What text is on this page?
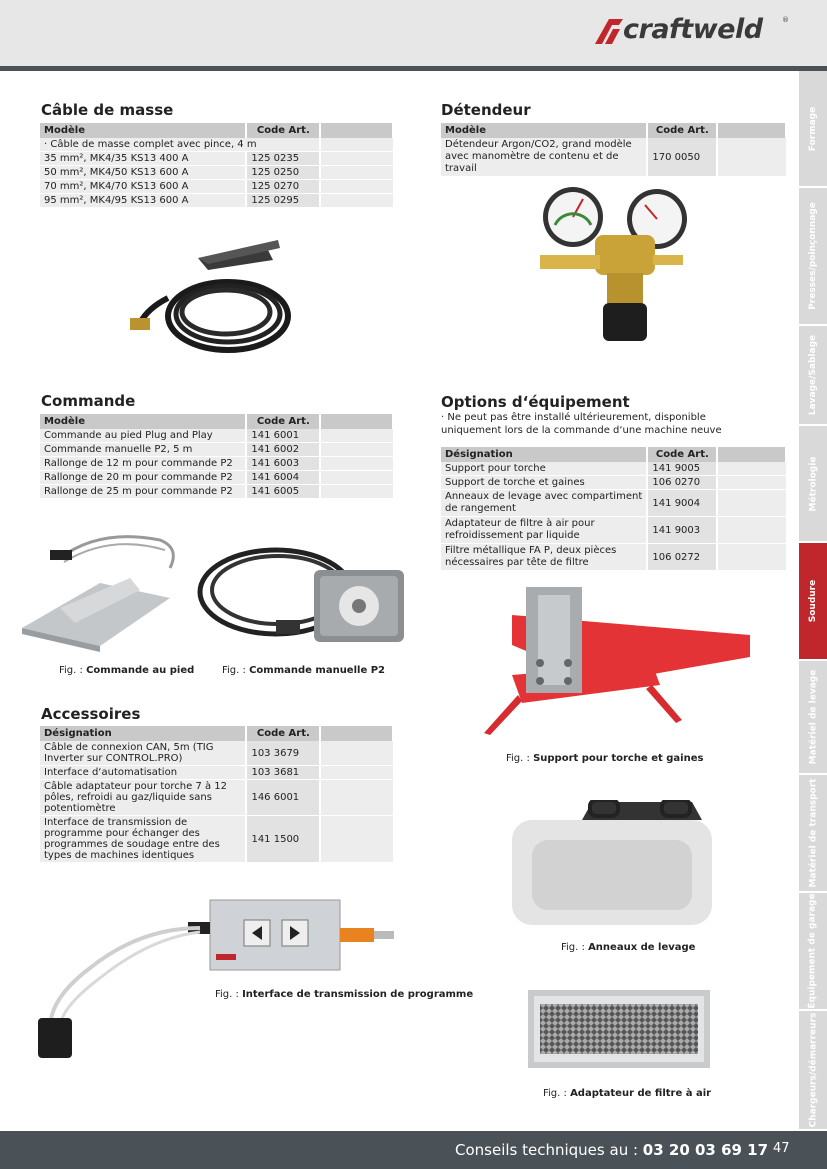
craftweld	®
Câble de masse
Modèle	Code Art.	
· Câble de masse complet avec pince, 4 m		
35 mm², MK4/35 KS13 400 A	125 0235	
50 mm², MK4/50 KS13 600 A	125 0250	
70 mm², MK4/70 KS13 600 A	125 0270	
95 mm², MK4/95 KS13 600 A	125 0295	
Détendeur
Modèle	Code Art.	
Détendeur Argon/CO2, grand modèle avec manomètre de contenu et de travail	170 0050	
Commande
Modèle	Code Art.	
Commande au pied Plug and Play	141 6001	
Commande manuelle P2, 5 m	141 6002	
Rallonge de 12 m pour commande P2	141 6003	
Rallonge de 20 m pour commande P2	141 6004	
Rallonge de 25 m pour commande P2	141 6005	
Fig. : Commande au pied	Fig. : Commande manuelle P2
Accessoires
Désignation	Code Art.	
Câble de connexion CAN, 5m (TIG Inverter sur CONTROL.PRO)	103 3679	
Interface d‘automatisation	103 3681	
Câble adaptateur pour torche 7 à 12 pôles, refroidi au gaz/liquide sans potentiomètre	146 6001	
Interface de transmission de programme pour échanger des programmes de soudage entre des types de machines identiques	141 1500	
Fig. : Interface de transmission de programme
Options d‘équipement
· Ne peut pas être installé ultérieurement, disponible uniquement lors de la commande d‘une machine neuve
Désignation	Code Art.	
Support pour torche	141 9005	
Support de torche et gaines	106 0270	
Anneaux de levage avec compartiment de rangement	141 9004	
Adaptateur de filtre à air pour refroidissement par liquide	141 9003	
Filtre métallique FA P, deux pièces nécessaires par tête de filtre	106 0272	
Fig. : Support pour torche et gaines
Fig. : Anneaux de levage
Fig. : Adaptateur de filtre à air
Formage
Presses/poinçonnage
Lavage/Sablage
Métrologie
Soudure
Matériel de levage
Matériel de transport
Équipement de garage
Chargeurs/démarreurs
Conseils techniques au : 03 20 03 69 17 47
